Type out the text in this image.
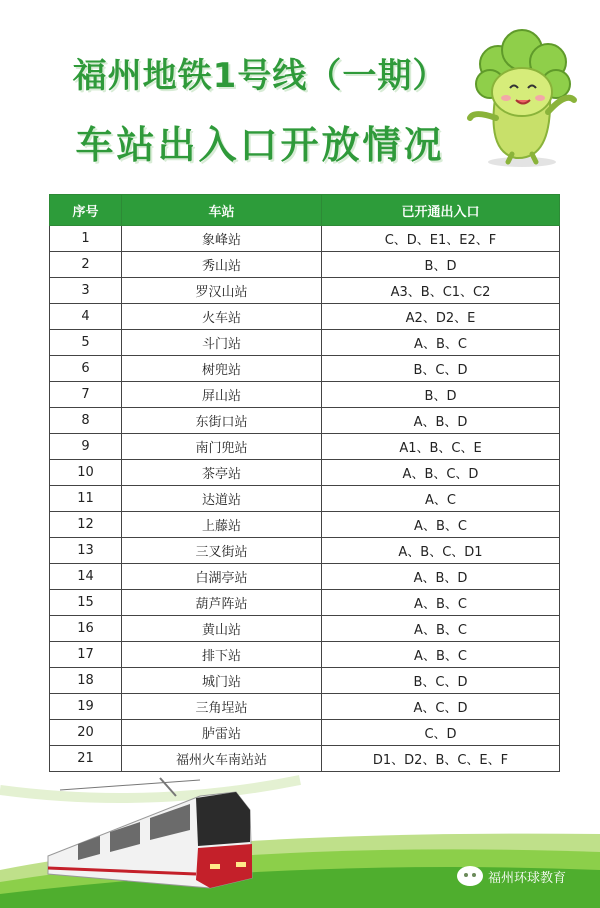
福州地铁1号线（一期）
车站出入口开放情况
序号	车站	已开通出入口
1	象峰站	C、D、E1、E2、F
2	秀山站	B、D
3	罗汉山站	A3、B、C1、C2
4	火车站	A2、D2、E
5	斗门站	A、B、C
6	树兜站	B、C、D
7	屏山站	B、D
8	东街口站	A、B、D
9	南门兜站	A1、B、C、E
10	茶亭站	A、B、C、D
11	达道站	A、C
12	上藤站	A、B、C
13	三叉街站	A、B、C、D1
14	白湖亭站	A、B、D
15	葫芦阵站	A、B、C
16	黄山站	A、B、C
17	排下站	A、B、C
18	城门站	B、C、D
19	三角埕站	A、C、D
20	胪雷站	C、D
21	福州火车南站站	D1、D2、B、C、E、F
福州环球教育
